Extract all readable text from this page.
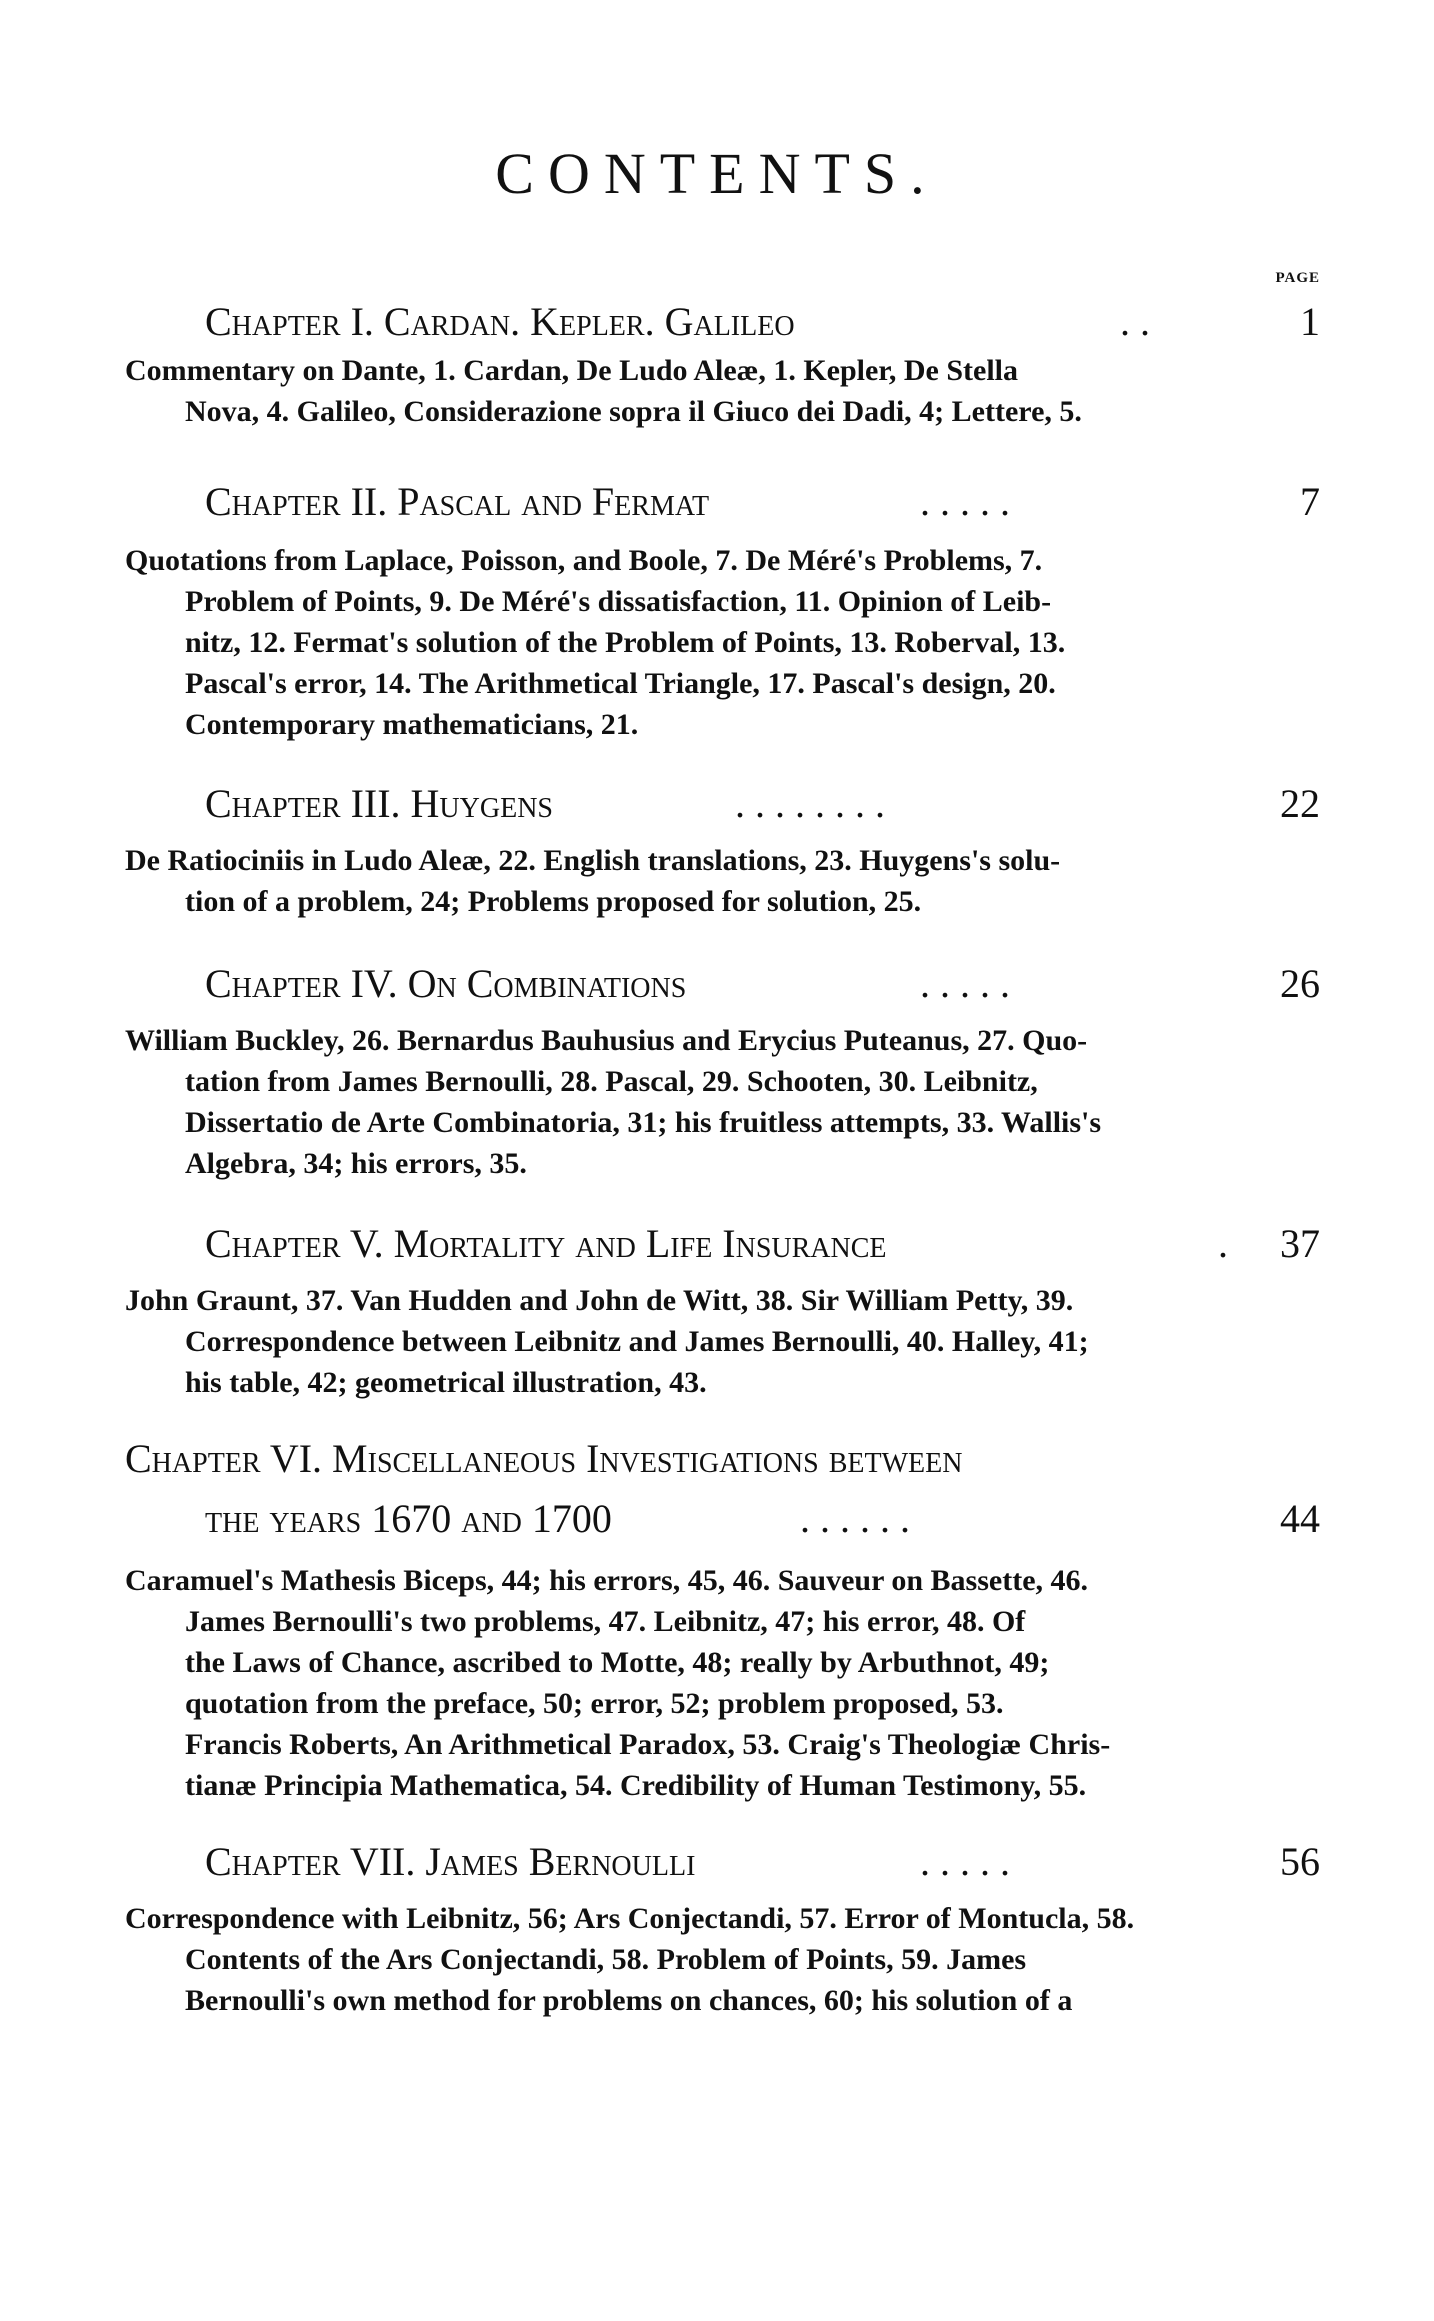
CONTENTS.
PAGE
Chapter I. Cardan. Kepler. Galileo	. .	1
Commentary on Dante, 1. Cardan, De Ludo Aleæ, 1. Kepler, De Stella
Nova, 4. Galileo, Considerazione sopra il Giuco dei Dadi, 4; Lettere, 5.
Chapter II. Pascal and Fermat	. . . . .	7
Quotations from Laplace, Poisson, and Boole, 7. De Méré's Problems, 7.
Problem of Points, 9. De Méré's dissatisfaction, 11. Opinion of Leib-
nitz, 12. Fermat's solution of the Problem of Points, 13. Roberval, 13.
Pascal's error, 14. The Arithmetical Triangle, 17. Pascal's design, 20.
Contemporary mathematicians, 21.
Chapter III. Huygens	. . . . . . . .	22
De Ratiociniis in Ludo Aleæ, 22. English translations, 23. Huygens's solu-
tion of a problem, 24; Problems proposed for solution, 25.
Chapter IV. On Combinations	. . . . .	26
William Buckley, 26. Bernardus Bauhusius and Erycius Puteanus, 27. Quo-
tation from James Bernoulli, 28. Pascal, 29. Schooten, 30. Leibnitz,
Dissertatio de Arte Combinatoria, 31; his fruitless attempts, 33. Wallis's
Algebra, 34; his errors, 35.
Chapter V. Mortality and Life Insurance	.	37
John Graunt, 37. Van Hudden and John de Witt, 38. Sir William Petty, 39.
Correspondence between Leibnitz and James Bernoulli, 40. Halley, 41;
his table, 42; geometrical illustration, 43.
Chapter VI. Miscellaneous Investigations between
the years 1670 and 1700	. . . . . .	44
Caramuel's Mathesis Biceps, 44; his errors, 45, 46. Sauveur on Bassette, 46.
James Bernoulli's two problems, 47. Leibnitz, 47; his error, 48. Of
the Laws of Chance, ascribed to Motte, 48; really by Arbuthnot, 49;
quotation from the preface, 50; error, 52; problem proposed, 53.
Francis Roberts, An Arithmetical Paradox, 53. Craig's Theologiæ Chris-
tianæ Principia Mathematica, 54. Credibility of Human Testimony, 55.
Chapter VII. James Bernoulli	. . . . .	56
Correspondence with Leibnitz, 56; Ars Conjectandi, 57. Error of Montucla, 58.
Contents of the Ars Conjectandi, 58. Problem of Points, 59. James
Bernoulli's own method for problems on chances, 60; his solution of a
